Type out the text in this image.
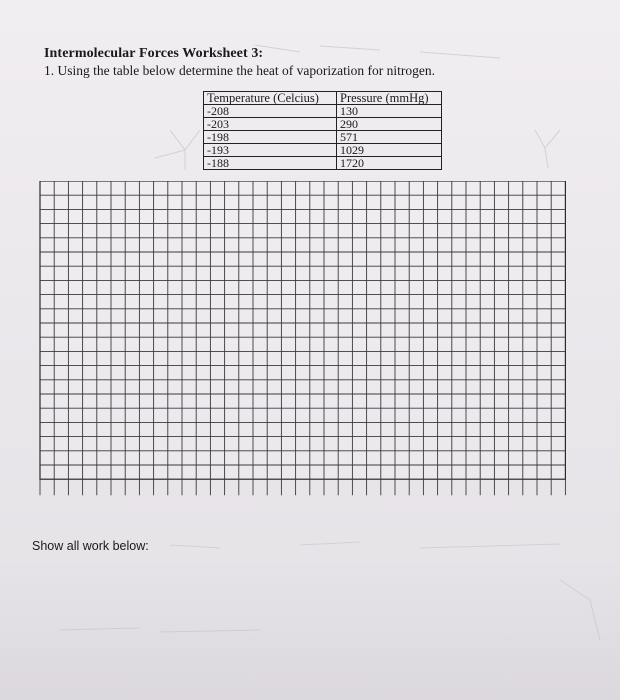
Intermolecular Forces Worksheet 3:
1. Using the table below determine the heat of vaporization for nitrogen.
Temperature (Celcius)	Pressure (mmHg)
-208	130
-203	290
-198	571
-193	1029
-188	1720
Show all work below:
